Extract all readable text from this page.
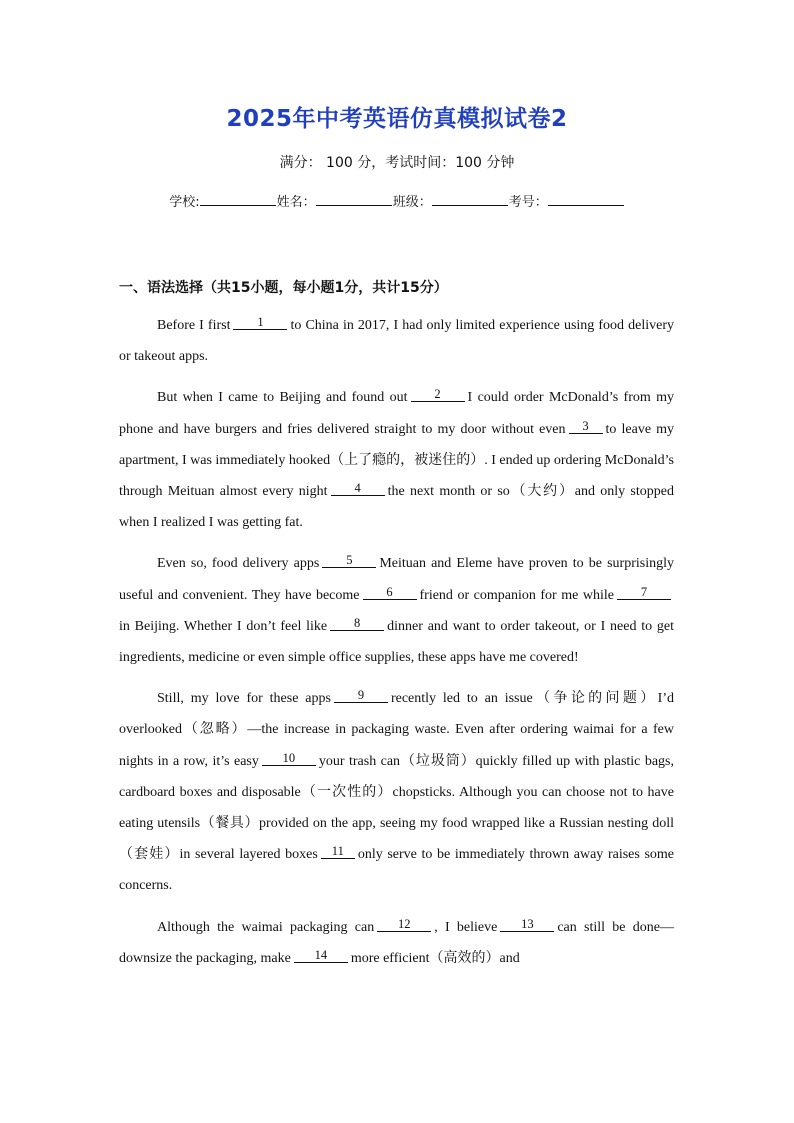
2025年中考英语仿真模拟试卷2
满分： 100 分，考试时间：100 分钟
学校:	姓名：	班级：	考号：
一、语法选择（共15小题，每小题1分，共计15分）

Before I first 1 to China in 2017, I had only limited experience using food delivery or takeout apps.

But when I came to Beijing and found out 2 I could order McDonald’s from my phone and have burgers and fries delivered straight to my door without even 3 to leave my apartment, I was immediately hooked（上了瘾的，被迷住的）. I ended up ordering McDonald’s through Meituan almost every night 4 the next month or so（大约）and only stopped when I realized I was getting fat.

Even so, food delivery apps 5 Meituan and Eleme have proven to be surprisingly useful and convenient. They have become 6 friend or companion for me while 7in Beijing. Whether I don’t feel like 8 dinner and want to order takeout, or I need to get ingredients, medicine or even simple office supplies, these apps have me covered!

Still, my love for these apps 9 recently led to an issue（争论的问题）I’d overlooked（忽略）—the increase in packaging waste. Even after ordering waimai for a few nights in a row, it’s easy 10 your trash can（垃圾筒）quickly filled up with plastic bags, cardboard boxes and disposable（一次性的）chopsticks. Although you can choose not to have eating utensils（餐具）provided on the app, seeing my food wrapped like a Russian nesting doll（套娃）in several layered boxes 11 only serve to be immediately thrown away raises some concerns.

Although the waimai packaging can 12 , I believe 13 can still be done—downsize the packaging, make 14 more efficient（高效的）and
